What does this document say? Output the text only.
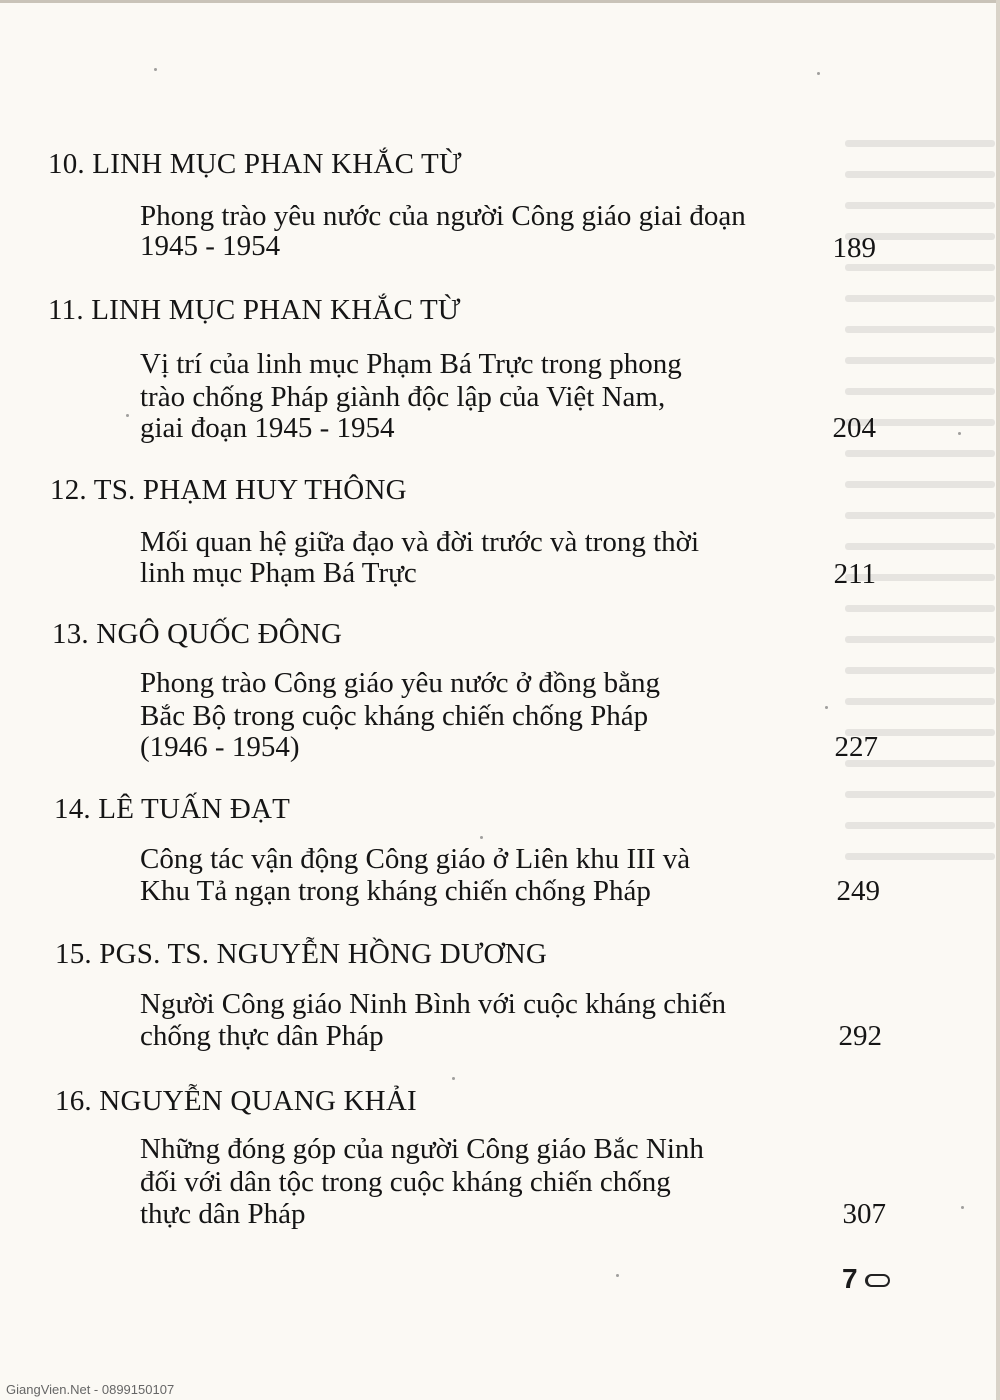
10. LINH MỤC PHAN KHẮC TỪ
Phong trào yêu nước của người Công giáo giai đoạn
1945 - 1954	189
11. LINH MỤC PHAN KHẮC TỪ
Vị trí của linh mục Phạm Bá Trực trong phong
trào chống Pháp giành độc lập của Việt Nam,
giai đoạn 1945 - 1954	204
12. TS. PHẠM HUY THÔNG
Mối quan hệ giữa đạo và đời trước và trong thời
linh mục Phạm Bá Trực	211
13. NGÔ QUỐC ĐÔNG
Phong trào Công giáo yêu nước ở đồng bằng
Bắc Bộ trong cuộc kháng chiến chống Pháp
(1946 - 1954)	227
14. LÊ TUẤN ĐẠT
Công tác vận động Công giáo ở Liên khu III và
Khu Tả ngạn trong kháng chiến chống Pháp	249
15. PGS. TS. NGUYỄN HỒNG DƯƠNG
Người Công giáo Ninh Bình với cuộc kháng chiến
chống thực dân Pháp	292
16. NGUYỄN QUANG KHẢI
Những đóng góp của người Công giáo Bắc Ninh
đối với dân tộc trong cuộc kháng chiến chống
thực dân Pháp	307
7
GiangVien.Net - 0899150107
